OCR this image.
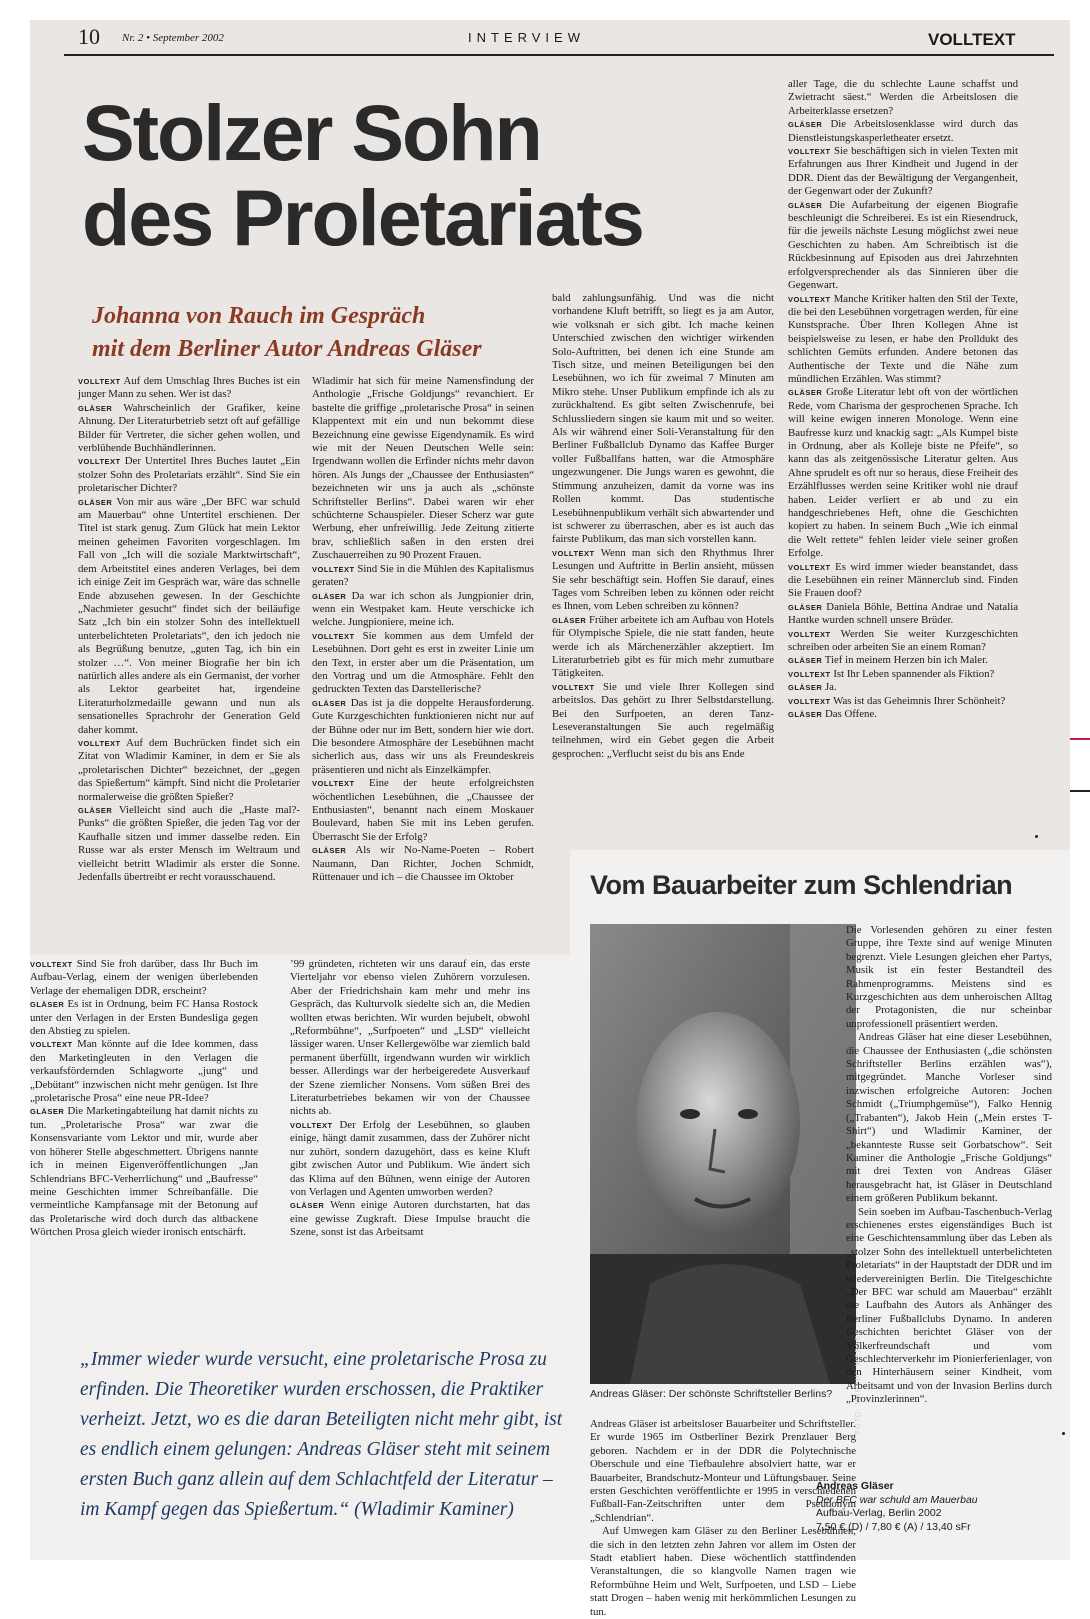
10 Nr. 2 • September 2002	INTERVIEW	VOLLTEXT
Stolzer Sohn
des Proletariats
Johanna von Rauch im Gespräch
mit dem Berliner Autor Andreas Gläser

VOLLTEXT Auf dem Umschlag Ihres Buches ist ein junger Mann zu sehen. Wer ist das?

GLÄSER Wahrscheinlich der Grafiker, keine Ahnung. Der Literaturbetrieb setzt oft auf gefällige Bilder für Vertreter, die sicher gehen wollen, und verblühende Buchhändlerinnen.

VOLLTEXT Der Untertitel Ihres Buches lautet „Ein stolzer Sohn des Proletariats erzählt“. Sind Sie ein proletarischer Dichter?

GLÄSER Von mir aus wäre „Der BFC war schuld am Mauerbau“ ohne Untertitel erschienen. Der Titel ist stark genug. Zum Glück hat mein Lektor meinen geheimen Favoriten vorgeschlagen. Im Fall von „Ich will die soziale Marktwirtschaft“, dem Arbeitstitel eines anderen Verlages, bei dem ich einige Zeit im Gespräch war, wäre das schnelle Ende abzusehen gewesen. In der Geschichte „Nachmieter gesucht“ findet sich der beiläufige Satz „Ich bin ein stolzer Sohn des intellektuell unterbelichteten Proletariats“, den ich jedoch nie als Begrüßung benutze, „guten Tag, ich bin ein stolzer …“. Von meiner Biografie her bin ich natürlich alles andere als ein Germanist, der vorher als Lektor gearbeitet hat, irgendeine Literaturholzmedaille gewann und nun als sensationelles Sprachrohr der Generation Geld daher kommt.

VOLLTEXT Auf dem Buchrücken findet sich ein Zitat von Wladimir Kaminer, in dem er Sie als „proletarischen Dichter“ bezeichnet, der „gegen das Spießertum“ kämpft. Sind nicht die Proletarier normalerweise die größten Spießer?

GLÄSER Vielleicht sind auch die „Haste mal?-Punks“ die größten Spießer, die jeden Tag vor der Kaufhalle sitzen und immer dasselbe reden. Ein Russe war als erster Mensch im Weltraum und vielleicht betritt Wladimir als erster die Sonne. Jedenfalls übertreibt er recht vorausschauend.

Wladimir hat sich für meine Namensfindung der Anthologie „Frische Goldjungs“ revanchiert. Er bastelte die griffige „proletarische Prosa“ in seinen Klappentext mit ein und nun bekommt diese Bezeichnung eine gewisse Eigendynamik. Es wird wie mit der Neuen Deutschen Welle sein: Irgendwann wollen die Erfinder nichts mehr davon hören. Als Jungs der „Chaussee der Enthusiasten“ bezeichneten wir uns ja auch als „schönste Schriftsteller Berlins“. Dabei waren wir eher schüchterne Schauspieler. Dieser Scherz war gute Werbung, eher unfreiwillig. Jede Zeitung zitierte brav, schließlich saßen in den ersten drei Zuschauerreihen zu 90 Prozent Frauen.

VOLLTEXT Sind Sie in die Mühlen des Kapitalismus geraten?

GLÄSER Da war ich schon als Jungpionier drin, wenn ein Westpaket kam. Heute verschicke ich welche. Jungpioniere, meine ich.

VOLLTEXT Sie kommen aus dem Umfeld der Lesebühnen. Dort geht es erst in zweiter Linie um den Text, in erster aber um die Präsentation, um den Vortrag und um die Atmosphäre. Fehlt den gedruckten Texten das Darstellerische?

GLÄSER Das ist ja die doppelte Herausforderung. Gute Kurzgeschichten funktionieren nicht nur auf der Bühne oder nur im Bett, sondern hier wie dort. Die besondere Atmosphäre der Lesebühnen macht sicherlich aus, dass wir uns als Freundeskreis präsentieren und nicht als Einzelkämpfer.

VOLLTEXT Eine der heute erfolgreichsten wöchentlichen Lesebühnen, die „Chaussee der Enthusiasten“, benannt nach einem Moskauer Boulevard, haben Sie mit ins Leben gerufen. Überrascht Sie der Erfolg?

GLÄSER Als wir No-Name-Poeten – Robert Naumann, Dan Richter, Jochen Schmidt, Rüttenauer und ich – die Chaussee im Oktober

bald zahlungsunfähig. Und was die nicht vorhandene Kluft betrifft, so liegt es ja am Autor, wie volksnah er sich gibt. Ich mache keinen Unterschied zwischen den wichtiger wirkenden Solo-Auftritten, bei denen ich eine Stunde am Tisch sitze, und meinen Beteiligungen bei den Lesebühnen, wo ich für zweimal 7 Minuten am Mikro stehe. Unser Publikum empfinde ich als zu zurückhaltend. Es gibt selten Zwischenrufe, bei Schlussliedern singen sie kaum mit und so weiter. Als wir während einer Soli-Veranstaltung für den Berliner Fußballclub Dynamo das Kaffee Burger voller Fußballfans hatten, war die Atmosphäre ungezwungener. Die Jungs waren es gewohnt, die Stimmung anzuheizen, damit da vorne was ins Rollen kommt. Das studentische Lesebühnenpublikum verhält sich abwartender und ist schwerer zu überraschen, aber es ist auch das fairste Publikum, das man sich vorstellen kann.

VOLLTEXT Wenn man sich den Rhythmus Ihrer Lesungen und Auftritte in Berlin ansieht, müssen Sie sehr beschäftigt sein. Hoffen Sie darauf, eines Tages vom Schreiben leben zu können oder reicht es Ihnen, vom Leben schreiben zu können?

GLÄSER Früher arbeitete ich am Aufbau von Hotels für Olympische Spiele, die nie statt fanden, heute werde ich als Märchenerzähler akzeptiert. Im Literaturbetrieb gibt es für mich mehr zumutbare Tätigkeiten.

VOLLTEXT Sie und viele Ihrer Kollegen sind arbeitslos. Das gehört zu Ihrer Selbstdarstellung. Bei den Surfpoeten, an deren Tanz-Leseveranstaltungen Sie auch regelmäßig teilnehmen, wird ein Gebet gegen die Arbeit gesprochen: „Verflucht seist du bis ans Ende

aller Tage, die du schlechte Laune schaffst und Zwietracht säest.“ Werden die Arbeitslosen die Arbeiterklasse ersetzen?

GLÄSER Die Arbeitslosenklasse wird durch das Dienstleistungskasperletheater ersetzt.

VOLLTEXT Sie beschäftigen sich in vielen Texten mit Erfahrungen aus Ihrer Kindheit und Jugend in der DDR. Dient das der Bewältigung der Vergangenheit, der Gegenwart oder der Zukunft?

GLÄSER Die Aufarbeitung der eigenen Biografie beschleunigt die Schreiberei. Es ist ein Riesendruck, für die jeweils nächste Lesung möglichst zwei neue Geschichten zu haben. Am Schreibtisch ist die Rückbesinnung auf Episoden aus drei Jahrzehnten erfolgversprechender als das Sinnieren über die Gegenwart.

VOLLTEXT Manche Kritiker halten den Stil der Texte, die bei den Lesebühnen vorgetragen werden, für eine Kunstsprache. Über Ihren Kollegen Ahne ist beispielsweise zu lesen, er habe den Prolldukt des schlichten Gemüts erfunden. Andere betonen das Authentische der Texte und die Nähe zum mündlichen Erzählen. Was stimmt?

GLÄSER Große Literatur lebt oft von der wörtlichen Rede, vom Charisma der gesprochenen Sprache. Ich will keine ewigen inneren Monologe. Wenn eine Baufresse kurz und knackig sagt: „Als Kumpel biste in Ordnung, aber als Kolleje biste ne Pfeife“, so kann das als zeitgenössische Literatur gelten. Aus Ahne sprudelt es oft nur so heraus, diese Freiheit des Erzählflusses werden seine Kritiker wohl nie drauf haben. Leider verliert er ab und zu ein handgeschriebenes Heft, ohne die Geschichten kopiert zu haben. In seinem Buch „Wie ich einmal die Welt rettete“ fehlen leider viele seiner großen Erfolge.

VOLLTEXT Es wird immer wieder beanstandet, dass die Lesebühnen ein reiner Männerclub sind. Finden Sie Frauen doof?

GLÄSER Daniela Böhle, Bettina Andrae und Natalia Hantke wurden schnell unsere Brüder.

VOLLTEXT Werden Sie weiter Kurzgeschichten schreiben oder arbeiten Sie an einem Roman?

GLÄSER Tief in meinem Herzen bin ich Maler.

VOLLTEXT Ist Ihr Leben spannender als Fiktion?

GLÄSER Ja.

VOLLTEXT Was ist das Geheimnis Ihrer Schönheit?

GLÄSER Das Offene.

VOLLTEXT Sind Sie froh darüber, dass Ihr Buch im Aufbau-Verlag, einem der wenigen überlebenden Verlage der ehemaligen DDR, erscheint?

GLÄSER Es ist in Ordnung, beim FC Hansa Rostock unter den Verlagen in der Ersten Bundesliga gegen den Abstieg zu spielen.

VOLLTEXT Man könnte auf die Idee kommen, dass den Marketingleuten in den Verlagen die verkaufsfördernden Schlagworte „jung“ und „Debütant“ inzwischen nicht mehr genügen. Ist Ihre „proletarische Prosa“ eine neue PR-Idee?

GLÄSER Die Marketingabteilung hat damit nichts zu tun. „Proletarische Prosa“ war zwar die Konsensvariante vom Lektor und mir, wurde aber von höherer Stelle abgeschmettert. Übrigens nannte ich in meinen Eigenveröffentlichungen „Jan Schlendrians BFC-Verherrlichung“ und „Baufresse“ meine Geschichten immer Schreibanfälle. Die vermeintliche Kampfansage mit der Betonung auf das Proletarische wird doch durch das altbackene Wörtchen Prosa gleich wieder ironisch entschärft.

’99 gründeten, richteten wir uns darauf ein, das erste Vierteljahr vor ebenso vielen Zuhörern vorzulesen. Aber der Friedrichshain kam mehr und mehr ins Gespräch, das Kulturvolk siedelte sich an, die Medien wollten etwas berichten. Wir wurden bejubelt, obwohl „Reformbühne“, „Surfpoeten“ und „LSD“ vielleicht lässiger waren. Unser Kellergewölbe war ziemlich bald permanent überfüllt, irgendwann wurden wir wirklich besser. Allerdings war der herbeigeredete Ausverkauf der Szene ziemlicher Nonsens. Vom süßen Brei des Literaturbetriebes bekamen wir von der Chaussee nichts ab.

VOLLTEXT Der Erfolg der Lesebühnen, so glauben einige, hängt damit zusammen, dass der Zuhörer nicht nur zuhört, sondern dazugehört, dass es keine Kluft gibt zwischen Autor und Publikum. Wie ändert sich das Klima auf den Bühnen, wenn einige der Autoren von Verlagen und Agenten umworben werden?

GLÄSER Wenn einige Autoren durchstarten, hat das eine gewisse Zugkraft. Diese Impulse braucht die Szene, sonst ist das Arbeitsamt

„Immer wieder wurde versucht, eine proletarische Prosa zu erfinden. Die Theoretiker wurden erschossen, die Praktiker verheizt. Jetzt, wo es die daran Beteiligten nicht mehr gibt, ist es endlich einem gelungen: Andreas Gläser steht mit seinem ersten Buch ganz allein auf dem Schlachtfeld der Literatur – im Kampf gegen das Spießertum.“ (Wladimir Kaminer)

Vom Bauarbeiter zum Schlendrian
FOTO: MARKUS WERNER

Andreas Gläser: Der schönste Schriftsteller Berlins?

Andreas Gläser ist arbeitsloser Bauarbeiter und Schriftsteller. Er wurde 1965 im Ostberliner Bezirk Prenzlauer Berg geboren. Nachdem er in der DDR die Polytechnische Oberschule und eine Tiefbaulehre absolviert hatte, war er Bauarbeiter, Brandschutz-Monteur und Lüftungsbauer. Seine ersten Geschichten veröffentlichte er 1995 in verschiedenen Fußball-Fan-Zeitschriften unter dem Pseudonym „Schlendrian“.

Auf Umwegen kam Gläser zu den Berliner Lesebühnen, die sich in den letzten zehn Jahren vor allem im Osten der Stadt etabliert haben. Diese wöchentlich stattfindenden Veranstaltungen, die so klangvolle Namen tragen wie Reformbühne Heim und Welt, Surfpoeten, und LSD – Liebe statt Drogen – haben wenig mit herkömmlichen Lesungen zu tun.

Die Vorlesenden gehören zu einer festen Gruppe, ihre Texte sind auf wenige Minuten begrenzt. Viele Lesungen gleichen eher Partys, Musik ist ein fester Bestandteil des Rahmenprogramms. Meistens sind es Kurzgeschichten aus dem unheroischen Alltag der Protagonisten, die nur scheinbar unprofessionell präsentiert werden.

Andreas Gläser hat eine dieser Lesebühnen, die Chaussee der Enthusiasten („die schönsten Schriftsteller Berlins erzählen was“), mitgegründet. Manche Vorleser sind inzwischen erfolgreiche Autoren: Jochen Schmidt („Triumphgemüse“), Falko Hennig („Trabanten“), Jakob Hein („Mein erstes T-Shirt“) und Wladimir Kaminer, der „bekannteste Russe seit Gorbatschow“. Seit Kaminer die Anthologie „Frische Goldjungs“ mit drei Texten von Andreas Gläser herausgebracht hat, ist Gläser in Deutschland einem größeren Publikum bekannt.

Sein soeben im Aufbau-Taschenbuch-Verlag erschienenes erstes eigenständiges Buch ist eine Geschichtensammlung über das Leben als „stolzer Sohn des intellektuell unterbelichteten Proletariats“ in der Hauptstadt der DDR und im wiedervereinigten Berlin. Die Titelgeschichte „Der BFC war schuld am Mauerbau“ erzählt die Laufbahn des Autors als Anhänger des Berliner Fußballclubs Dynamo. In anderen Geschichten berichtet Gläser von der Völkerfreundschaft und vom Geschlechterverkehr im Pionierferienlager, von den Hinterhäusern seiner Kindheit, vom Arbeitsamt und von der Invasion Berlins durch „Provinzlerinnen“.

Andreas Gläser
Der BFC war schuld am Mauerbau
Aufbau-Verlag, Berlin 2002
7,50 € (D) / 7,80 € (A) / 13,40 sFr
